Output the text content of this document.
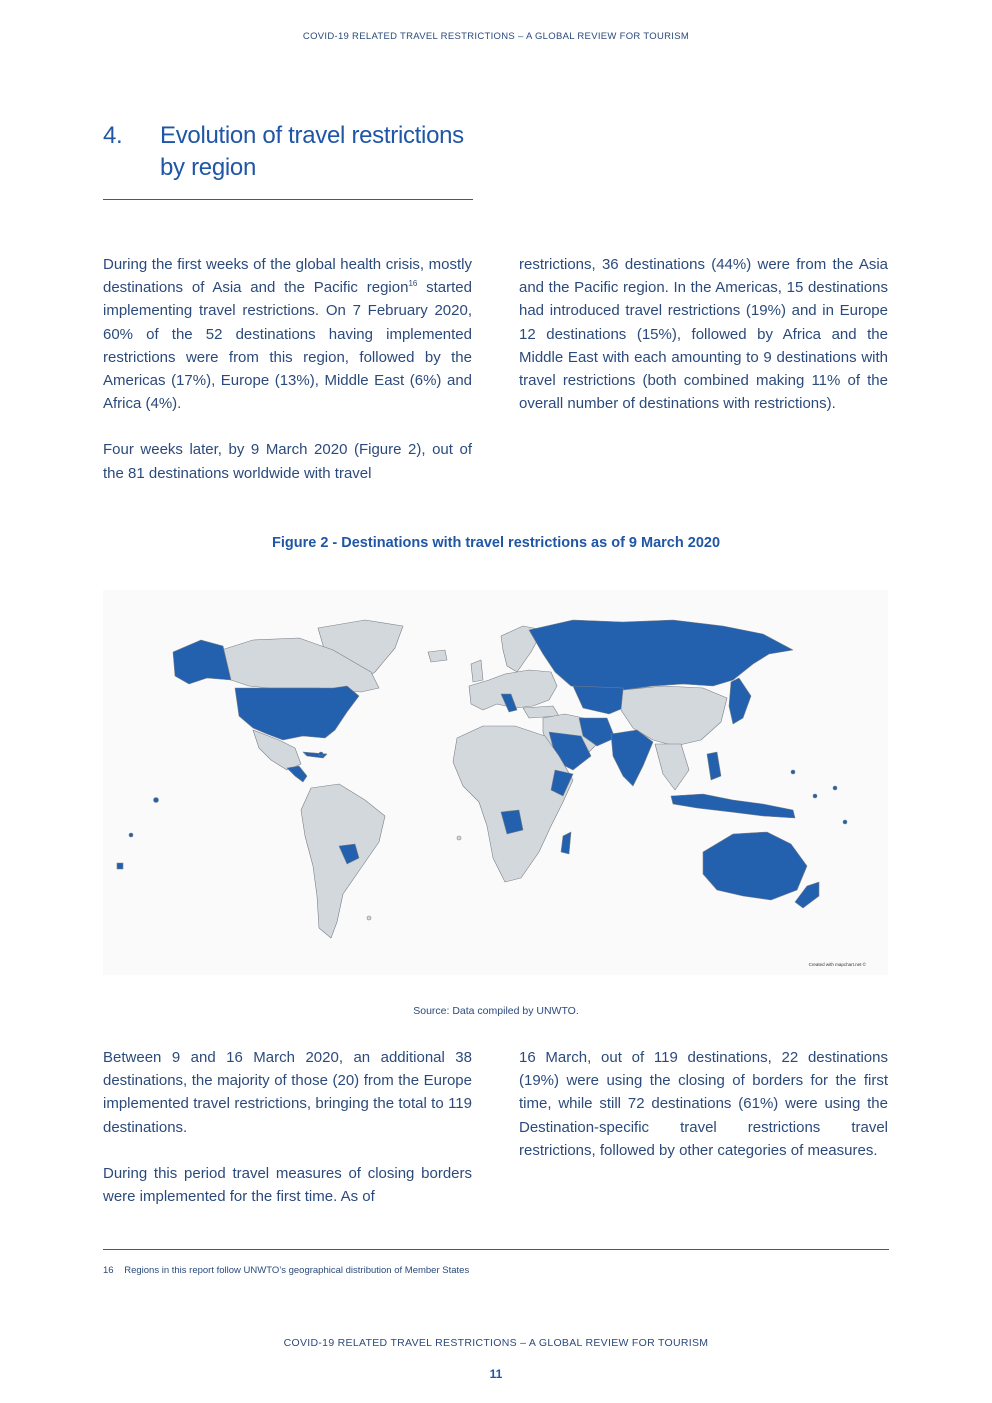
COVID-19 RELATED TRAVEL RESTRICTIONS – A GLOBAL REVIEW FOR TOURISM
4. Evolution of travel restrictions by region

During the first weeks of the global health crisis, mostly destinations of Asia and the Pacific region$^{16}$ started implementing travel restrictions. On 7 February 2020, 60% of the 52 destinations having implemented restrictions were from this region, followed by the Americas (17%), Europe (13%), Middle East (6%) and Africa (4%).

Four weeks later, by 9 March 2020 (Figure 2), out of the 81 destinations worldwide with travel

restrictions, 36 destinations (44%) were from the Asia and the Pacific region. In the Americas, 15 destinations had introduced travel restrictions (19%) and in Europe 12 destinations (15%), followed by Africa and the Middle East with each amounting to 9 destinations with travel restrictions (both combined making 11% of the overall number of destinations with restrictions).

Figure 2 - Destinations with travel restrictions as of 9 March 2020
Created with mapchart.net ©
Source: Data compiled by UNWTO.

Between 9 and 16 March 2020, an additional 38 destinations, the majority of those (20) from the Europe implemented travel restrictions, bringing the total to 119 destinations.

During this period travel measures of closing borders were implemented for the first time. As of

16 March, out of 119 destinations, 22 destinations (19%) were using the closing of borders for the first time, while still 72 destinations (61%) were using the Destination-specific travel restrictions travel restrictions, followed by other categories of measures.

16 Regions in this report follow UNWTO’s geographical distribution of Member States
COVID-19 RELATED TRAVEL RESTRICTIONS – A GLOBAL REVIEW FOR TOURISM
11
